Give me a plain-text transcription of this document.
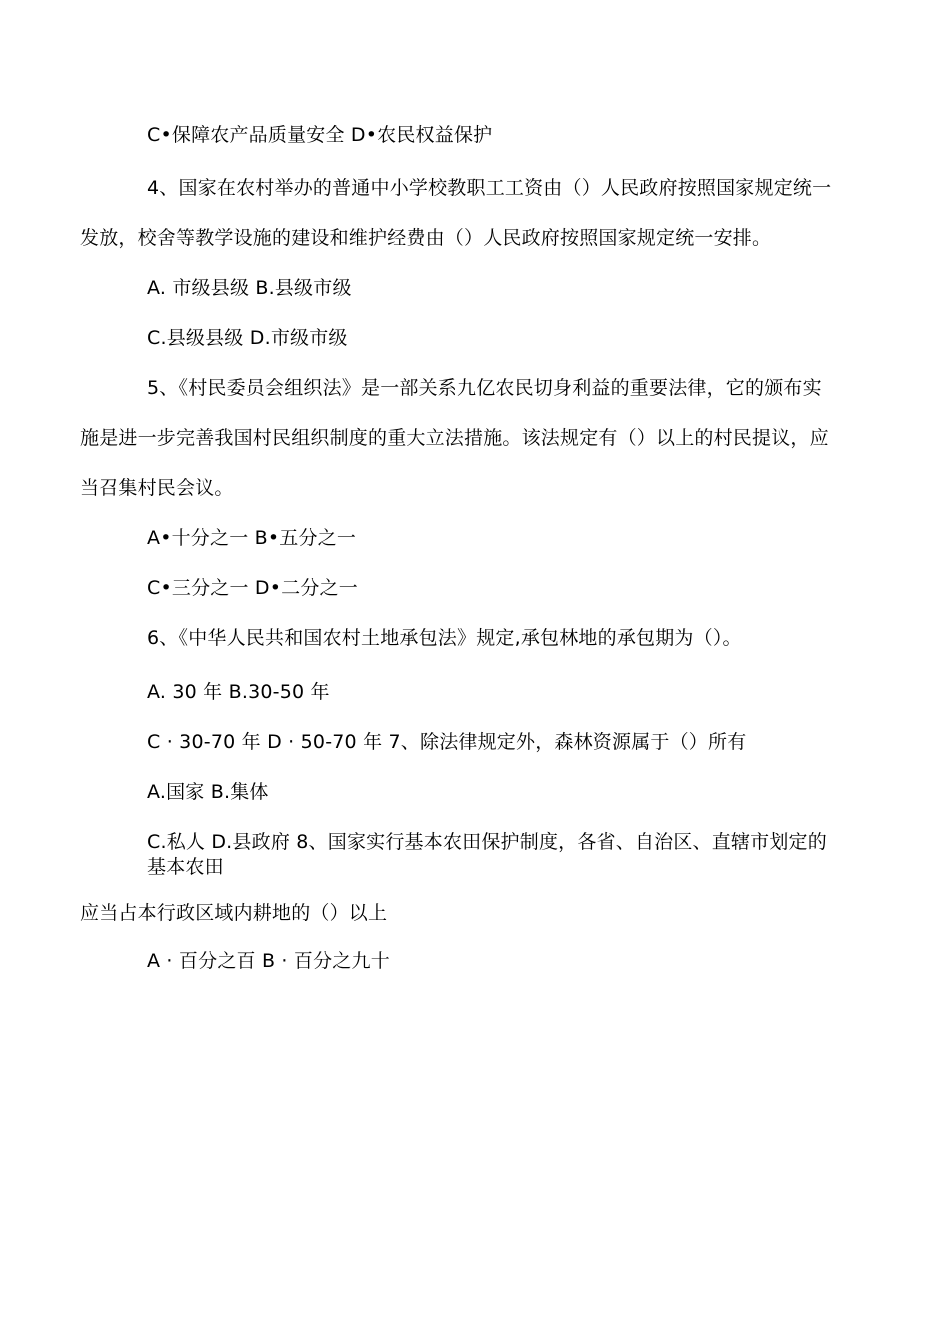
C•保障农产品质量安全 D•农民权益保护
4、国家在农村举办的普通中小学校教职工工资由（）人民政府按照国家规定统一
发放，校舍等教学设施的建设和维护经费由（）人民政府按照国家规定统一安排。
A. 市级县级 B.县级市级
C.县级县级 D.市级市级
5、《村民委员会组织法》是一部关系九亿农民切身利益的重要法律，它的颁布实
施是进一步完善我国村民组织制度的重大立法措施。该法规定有（）以上的村民提议，应
当召集村民会议。
A•十分之一 B•五分之一
C•三分之一 D•二分之一
6、《中华人民共和国农村土地承包法》规定,承包林地的承包期为（）。
A. 30 年 B.30-50 年
C · 30-70 年 D · 50-70 年 7、除法律规定外，森林资源属于（）所有
A.国家 B.集体
C.私人 D.县政府 8、国家实行基本农田保护制度，各省、自治区、直辖市划定的
基本农田
应当占本行政区域内耕地的（）以上
A · 百分之百 B · 百分之九十
